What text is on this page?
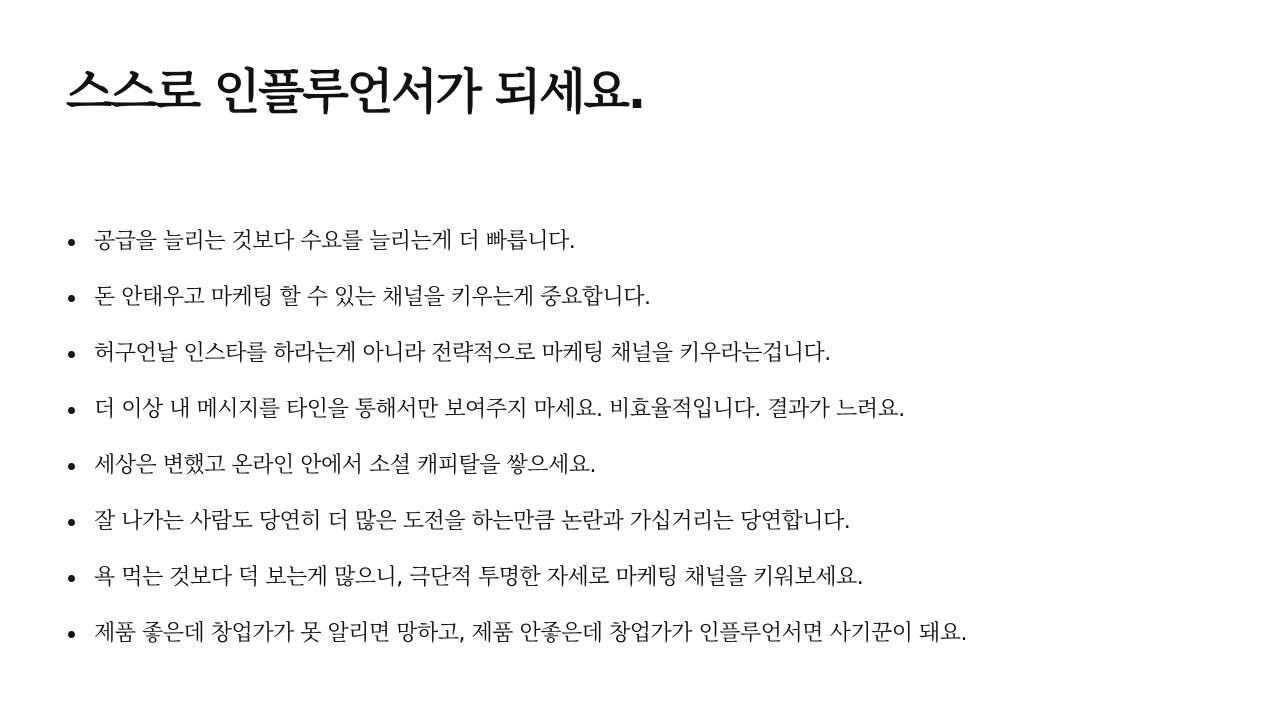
스스로 인플루언서가 되세요.
공급을 늘리는 것보다 수요를 늘리는게 더 빠릅니다.
돈 안태우고 마케팅 할 수 있는 채널을 키우는게 중요합니다.
허구언날 인스타를 하라는게 아니라 전략적으로 마케팅 채널을 키우라는겁니다.
더 이상 내 메시지를 타인을 통해서만 보여주지 마세요. 비효율적입니다. 결과가 느려요.
세상은 변했고 온라인 안에서 소셜 캐피탈을 쌓으세요.
잘 나가는 사람도 당연히 더 많은 도전을 하는만큼 논란과 가십거리는 당연합니다.
욕 먹는 것보다 덕 보는게 많으니, 극단적 투명한 자세로 마케팅 채널을 키워보세요.
제품 좋은데 창업가가 못 알리면 망하고, 제품 안좋은데 창업가가 인플루언서면 사기꾼이 돼요.
